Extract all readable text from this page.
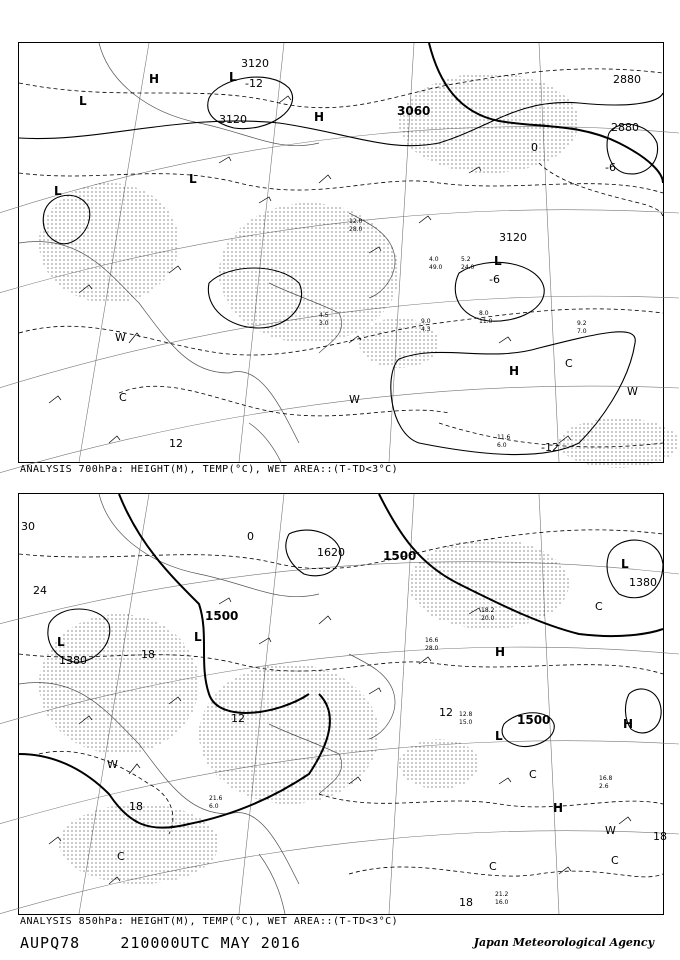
3120
3060
3120
2880
2880
3120
H
H
H
L
L
L
L
L
W
W
W
C
C
-12
-6
0
-6
12	-12
11.6
6.0
9.2
7.0
8.0
11.0
9.0
4.3
5.2
24.0
4.0
49.0
12.0
28.0
4.5
3.0
ANALYSIS 700hPa: HEIGHT(M), TEMP(°C), WET AREA::(T-TD<3°C)
1500
1500
1500
1380
1380
1620
H
H
H
L
L
L
L
W
W
C
C	C
C
C
30
24
18
18
12
18
0
12
18
21.2
16.0
16.8
2.6
21.6
6.0
12.8
15.0
18.2
20.0
16.6
28.0
ANALYSIS 850hPa: HEIGHT(M), TEMP(°C), WET AREA::(T-TD<3°C)
AUPQ78	210000UTC MAY 2016	Japan Meteorological Agency
